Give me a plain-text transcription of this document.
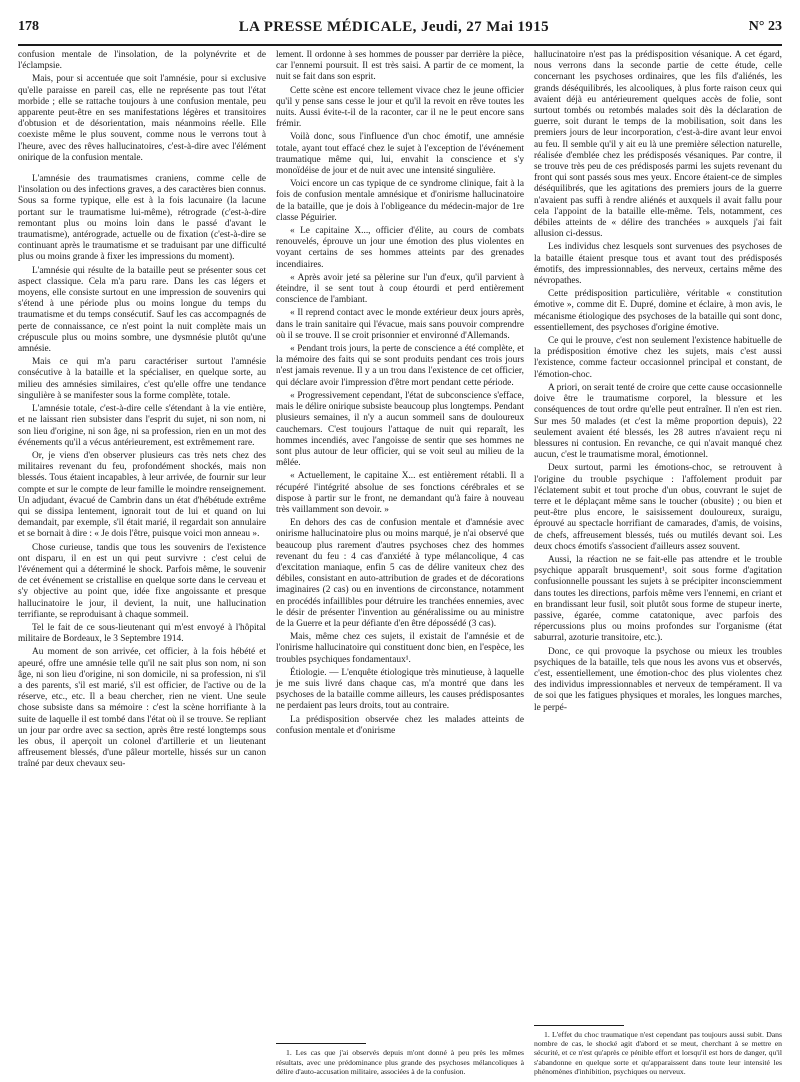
178	LA PRESSE MÉDICALE, Jeudi, 27 Mai 1915	N° 23

confusion mentale de l'insolation, de la polynévrite et de l'éclampsie.

Mais, pour si accentuée que soit l'amnésie, pour si exclusive qu'elle paraisse en pareil cas, elle ne représente pas tout l'état morbide ; elle se rattache toujours à une confusion mentale, peu apparente peut-être en ses manifestations légères et transitoires d'obtusion et de désorientation, mais néanmoins réelle. Elle coexiste même le plus souvent, comme nous le verrons tout à l'heure, avec des rêves hallucinatoires, c'est-à-dire avec l'élément onirique de la confusion mentale.

L'amnésie des traumatismes craniens, comme celle de l'insolation ou des infections graves, a des caractères bien connus. Sous sa forme typique, elle est à la fois lacunaire (la lacune portant sur le traumatisme lui-même), rétrograde (c'est-à-dire remontant plus ou moins loin dans le passé d'avant le traumatisme), antérograde, actuelle ou de fixation (c'est-à-dire se continuant après le traumatisme et se traduisant par une difficulté plus ou moins grande à fixer les impressions du moment).

L'amnésie qui résulte de la bataille peut se présenter sous cet aspect classique. Cela m'a paru rare. Dans les cas légers et moyens, elle consiste surtout en une impression de souvenirs qui s'étend à une période plus ou moins longue du temps du traumatisme et du temps consécutif. Sauf les cas accompagnés de perte de connaissance, ce n'est point la nuit complète mais un crépuscule plus ou moins sombre, une dysmnésie plutôt qu'une amnésie.

Mais ce qui m'a paru caractériser surtout l'amnésie consécutive à la bataille et la spécialiser, en quelque sorte, au milieu des amnésies similaires, c'est qu'elle offre une tendance singulière à se manifester sous la forme complète, totale.

L'amnésie totale, c'est-à-dire celle s'étendant à la vie entière, et ne laissant rien subsister dans l'esprit du sujet, ni son nom, ni son lieu d'origine, ni son âge, ni sa profession, rien en un mot des événements qu'il a vécus antérieurement, est extrêmement rare.

Or, je viens d'en observer plusieurs cas très nets chez des militaires revenant du feu, profondément shockés, mais non blessés. Tous étaient incapables, à leur arrivée, de fournir sur leur compte et sur le compte de leur famille le moindre renseignement. Un adjudant, évacué de Cambrin dans un état d'hébétude extrême qui se dissipa lentement, ignorait tout de lui et quand on lui demandait, par exemple, s'il était marié, il regardait son annulaire et se bornait à dire : « Je dois l'être, puisque voici mon anneau ».

Chose curieuse, tandis que tous les souvenirs de l'existence ont disparu, il en est un qui peut survivre : c'est celui de l'événement qui a déterminé le shock. Parfois même, le souvenir de cet événement se cristallise en quelque sorte dans le cerveau et s'y objective au point que, idée fixe angoissante et presque hallucinatoire le jour, il devient, la nuit, une hallucination terrifiante, se reproduisant à chaque sommeil.

Tel le fait de ce sous-lieutenant qui m'est envoyé à l'hôpital militaire de Bordeaux, le 3 Septembre 1914.

Au moment de son arrivée, cet officier, à la fois hébété et apeuré, offre une amnésie telle qu'il ne sait plus son nom, ni son âge, ni son lieu d'origine, ni son domicile, ni sa profession, ni s'il a des parents, s'il est marié, s'il est officier, de l'active ou de la réserve, etc., etc. Il a beau chercher, rien ne vient. Une seule chose subsiste dans sa mémoire : c'est la scène horrifiante à la suite de laquelle il est tombé dans l'état où il se trouve. Se repliant un jour par ordre avec sa section, après être resté longtemps sous les obus, il aperçoit un colonel d'artillerie et un lieutenant affreusement blessés, d'une pâleur mortelle, hissés sur un canon traîné par deux chevaux seu-

lement. Il ordonne à ses hommes de pousser par derrière la pièce, car l'ennemi poursuit. Il est très saisi. A partir de ce moment, la nuit se fait dans son esprit.

Cette scène est encore tellement vivace chez le jeune officier qu'il y pense sans cesse le jour et qu'il la revoit en rêve toutes les nuits. Aussi évite-t-il de la raconter, car il ne le peut encore sans frémir.

Voilà donc, sous l'influence d'un choc émotif, une amnésie totale, ayant tout effacé chez le sujet à l'exception de l'événement traumatique même qui, lui, envahit la conscience et s'y monoïdéise de jour et de nuit avec une intensité singulière.

Voici encore un cas typique de ce syndrome clinique, fait à la fois de confusion mentale amnésique et d'onirisme hallucinatoire de la bataille, que je dois à l'obligeance du médecin-major de 1re classe Péguirier.

« Le capitaine X..., officier d'élite, au cours de combats renouvelés, éprouve un jour une émotion des plus violentes en voyant certains de ses hommes atteints par des grenades incendiaires.

« Après avoir jeté sa pèlerine sur l'un d'eux, qu'il parvient à éteindre, il se sent tout à coup étourdi et perd entièrement conscience de l'ambiant.

« Il reprend contact avec le monde extérieur deux jours après, dans le train sanitaire qui l'évacue, mais sans pouvoir comprendre où il se trouve. Il se croit prisonnier et environné d'Allemands.

« Pendant trois jours, la perte de conscience a été complète, et la mémoire des faits qui se sont produits pendant ces trois jours n'est jamais revenue. Il y a un trou dans l'existence de cet officier, qui déclare avoir l'impression d'être mort pendant cette période.

« Progressivement cependant, l'état de subconscience s'efface, mais le délire onirique subsiste beaucoup plus longtemps. Pendant plusieurs semaines, il n'y a aucun sommeil sans de douloureux cauchemars. C'est toujours l'attaque de nuit qui reparaît, les hommes incendiés, avec l'angoisse de sentir que ses hommes ne sont plus autour de leur officier, qui se voit seul au milieu de la mêlée.

« Actuellement, le capitaine X... est entièrement rétabli. Il a récupéré l'intégrité absolue de ses fonctions cérébrales et se dispose à partir sur le front, ne demandant qu'à faire à nouveau très vaillamment son devoir. »

En dehors des cas de confusion mentale et d'amnésie avec onirisme hallucinatoire plus ou moins marqué, je n'ai observé que beaucoup plus rarement d'autres psychoses chez des hommes revenant du feu : 4 cas d'anxiété à type mélancolique, 4 cas d'excitation maniaque, enfin 5 cas de délire vaniteux chez des débiles, consistant en auto-attribution de grades et de décorations imaginaires (2 cas) ou en inventions de circonstance, notamment en procédés infaillibles pour détruire les tranchées ennemies, avec le désir de présenter l'invention au généralissime ou au ministre de la Guerre et la peur défiante d'en être dépossédé (3 cas).

Mais, même chez ces sujets, il existait de l'amnésie et de l'onirisme hallucinatoire qui constituent donc bien, en l'espèce, les troubles psychiques fondamentaux¹.

Étiologie. — L'enquête étiologique très minutieuse, à laquelle je me suis livré dans chaque cas, m'a montré que dans les psychoses de la bataille comme ailleurs, les causes prédisposantes ne perdaient pas leurs droits, tout au contraire.

La prédisposition observée chez les malades atteints de confusion mentale et d'onirisme

1. Les cas que j'ai observés depuis m'ont donné à peu près les mêmes résultats, avec une prédominance plus grande des psychoses mélancoliques à délire d'auto-accusation militaire, associées à de la confusion.

hallucinatoire n'est pas la prédisposition vésanique. A cet égard, nous verrons dans la seconde partie de cette étude, celle concernant les psychoses ordinaires, que les fils d'aliénés, les grands déséquilibrés, les alcooliques, à plus forte raison ceux qui avaient déjà eu antérieurement quelques accès de folie, sont surtout tombés ou retombés malades soit dès la déclaration de guerre, soit durant le temps de la mobilisation, soit dans les premiers jours de leur incorporation, c'est-à-dire avant leur envoi au feu. Il semble qu'il y ait eu là une première sélection naturelle, réalisée d'emblée chez les prédisposés vésaniques. Par contre, il se trouve très peu de ces prédisposés parmi les sujets revenant du front qui sont passés sous mes yeux. Encore étaient-ce de simples déséquilibrés, que les agitations des premiers jours de la guerre n'avaient pas suffi à rendre aliénés et auxquels il avait fallu pour cela l'appoint de la bataille elle-même. Tels, notamment, ces débiles atteints de « délire des tranchées » auxquels j'ai fait allusion ci-dessus.

Les individus chez lesquels sont survenues des psychoses de la bataille étaient presque tous et avant tout des prédisposés émotifs, des impressionnables, des nerveux, certains même des névropathes.

Cette prédisposition particulière, véritable « constitution émotive », comme dit E. Dupré, domine et éclaire, à mon avis, le mécanisme étiologique des psychoses de la bataille qui sont donc, essentiellement, des psychoses d'origine émotive.

Ce qui le prouve, c'est non seulement l'existence habituelle de la prédisposition émotive chez les sujets, mais c'est aussi l'existence, comme facteur occasionnel principal et constant, de l'émotion-choc.

A priori, on serait tenté de croire que cette cause occasionnelle doive être le traumatisme corporel, la blessure et les conséquences de tout ordre qu'elle peut entraîner. Il n'en est rien. Sur mes 50 malades (et c'est la même proportion depuis), 22 seulement avaient été blessés, les 28 autres n'avaient reçu ni blessures ni contusion. En revanche, ce qui n'avait manqué chez aucun, c'est le traumatisme moral, émotionnel.

Deux surtout, parmi les émotions-choc, se retrouvent à l'origine du trouble psychique : l'affolement produit par l'éclatement subit et tout proche d'un obus, couvrant le sujet de terre et le déplaçant même sans le toucher (obusite) ; ou bien et peut-être plus encore, le saisissement douloureux, suraigu, éprouvé au spectacle horrifiant de camarades, d'amis, de voisins, de chefs, affreusement blessés, tués ou mutilés devant soi. Les deux chocs émotifs s'associent d'ailleurs assez souvent.

Aussi, la réaction ne se fait-elle pas attendre et le trouble psychique apparaît brusquement¹, soit sous forme d'agitation confusionnelle poussant les sujets à se précipiter inconsciemment dans toutes les directions, parfois même vers l'ennemi, en criant et en brandissant leur fusil, soit plutôt sous forme de stupeur inerte, passive, égarée, comme catatonique, avec parfois des répercussions plus ou moins profondes sur l'organisme (état saburral, azoturie transitoire, etc.).

Donc, ce qui provoque la psychose ou mieux les troubles psychiques de la bataille, tels que nous les avons vus et observés, c'est, essentiellement, une émotion-choc des plus violentes chez des individus impressionnables et nerveux de tempérament. Il va de soi que les fatigues physiques et morales, les longues marches, le perpé-

1. L'effet du choc traumatique n'est cependant pas toujours aussi subit. Dans nombre de cas, le shocké agit d'abord et se meut, cherchant à se mettre en sécurité, et ce n'est qu'après ce pénible effort et lorsqu'il est hors de danger, qu'il s'abandonne en quelque sorte et qu'apparaissent dans toute leur intensité les phénomènes d'inhibition, psychiques ou nerveux.
